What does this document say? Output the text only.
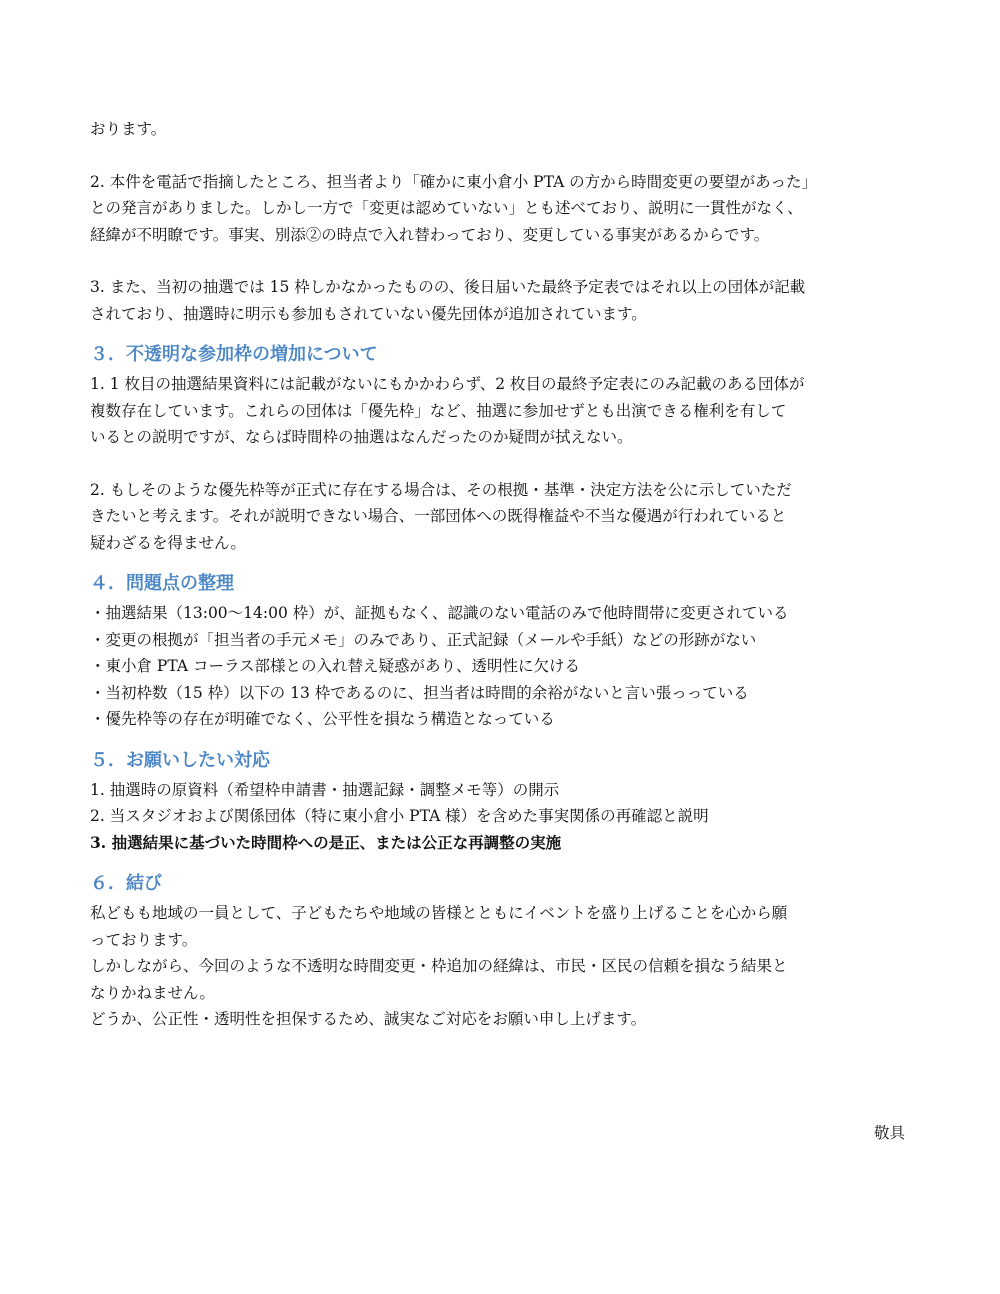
おります。

2. 本件を電話で指摘したところ、担当者より「確かに東小倉小 PTA の方から時間変更の要望があった」
との発言がありました。しかし一方で「変更は認めていない」とも述べており、説明に一貫性がなく、
経緯が不明瞭です。事実、別添②の時点で入れ替わっており、変更している事実があるからです。

3. また、当初の抽選では 15 枠しかなかったものの、後日届いた最終予定表ではそれ以上の団体が記載
されており、抽選時に明示も参加もされていない優先団体が追加されています。

３．不透明な参加枠の増加について

1. 1 枚目の抽選結果資料には記載がないにもかかわらず、2 枚目の最終予定表にのみ記載のある団体が
複数存在しています。これらの団体は「優先枠」など、抽選に参加せずとも出演できる権利を有して
いるとの説明ですが、ならば時間枠の抽選はなんだったのか疑問が拭えない。

2. もしそのような優先枠等が正式に存在する場合は、その根拠・基準・決定方法を公に示していただ
きたいと考えます。それが説明できない場合、一部団体への既得権益や不当な優遇が行われていると
疑わざるを得ません。

４．問題点の整理
・抽選結果（13:00〜14:00 枠）が、証拠もなく、認識のない電話のみで他時間帯に変更されている
・変更の根拠が「担当者の手元メモ」のみであり、正式記録（メールや手紙）などの形跡がない
・東小倉 PTA コーラス部様との入れ替え疑惑があり、透明性に欠ける
・当初枠数（15 枠）以下の 13 枠であるのに、担当者は時間的余裕がないと言い張っっている
・優先枠等の存在が明確でなく、公平性を損なう構造となっている
５．お願いしたい対応
1. 抽選時の原資料（希望枠申請書・抽選記録・調整メモ等）の開示
2. 当スタジオおよび関係団体（特に東小倉小 PTA 様）を含めた事実関係の再確認と説明
3. 抽選結果に基づいた時間枠への是正、または公正な再調整の実施
６．結び

私どもも地域の一員として、子どもたちや地域の皆様とともにイベントを盛り上げることを心から願
っております。
しかしながら、今回のような不透明な時間変更・枠追加の経緯は、市民・区民の信頼を損なう結果と
なりかねません。
どうか、公正性・透明性を担保するため、誠実なご対応をお願い申し上げます。

敬具
